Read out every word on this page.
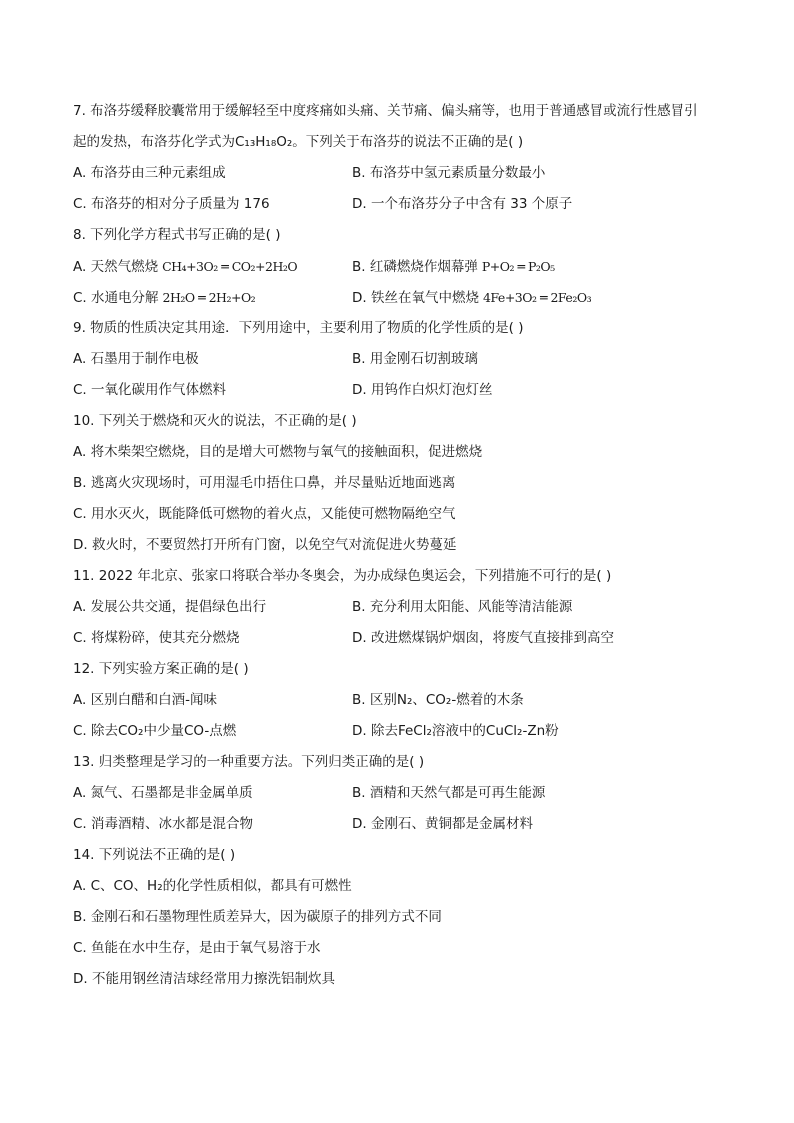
7. 布洛芬缓释胶囊常用于缓解轻至中度疼痛如头痛、关节痛、偏头痛等，也用于普通感冒或流行性感冒引
起的发热，布洛芬化学式为C₁₃H₁₈O₂。下列关于布洛芬的说法不正确的是( )
A. 布洛芬由三种元素组成	B. 布洛芬中氢元素质量分数最小
C. 布洛芬的相对分子质量为 176	D. 一个布洛芬分子中含有 33 个原子
8. 下列化学方程式书写正确的是( )
A. 天然气燃烧 CH₄+3O₂ ═ CO₂+2H₂O	B. 红磷燃烧作烟幕弹 P+O₂ ═ P₂O₅
C. 水通电分解 2H₂O ═ 2H₂+O₂	D. 铁丝在氧气中燃烧 4Fe+3O₂ ═ 2Fe₂O₃
9. 物质的性质决定其用途．下列用途中，主要利用了物质的化学性质的是( )
A. 石墨用于制作电极	B. 用金刚石切割玻璃
C. 一氧化碳用作气体燃料	D. 用钨作白炽灯泡灯丝
10. 下列关于燃烧和灭火的说法，不正确的是( )
A. 将木柴架空燃烧，目的是增大可燃物与氧气的接触面积，促进燃烧
B. 逃离火灾现场时，可用湿毛巾捂住口鼻，并尽量贴近地面逃离
C. 用水灭火，既能降低可燃物的着火点，又能使可燃物隔绝空气
D. 救火时，不要贸然打开所有门窗，以免空气对流促进火势蔓延
11. 2022 年北京、张家口将联合举办冬奥会，为办成绿色奥运会，下列措施不可行的是( )
A. 发展公共交通，提倡绿色出行	B. 充分利用太阳能、风能等清洁能源
C. 将煤粉碎，使其充分燃烧	D. 改进燃煤锅炉烟囱，将废气直接排到高空
12. 下列实验方案正确的是( )
A. 区别白醋和白酒-闻味	B. 区别N₂、CO₂-燃着的木条
C. 除去CO₂中少量CO-点燃	D. 除去FeCl₂溶液中的CuCl₂-Zn粉
13. 归类整理是学习的一种重要方法。下列归类正确的是( )
A. 氮气、石墨都是非金属单质	B. 酒精和天然气都是可再生能源
C. 消毒酒精、冰水都是混合物	D. 金刚石、黄铜都是金属材料
14. 下列说法不正确的是( )
A. C、CO、H₂的化学性质相似，都具有可燃性
B. 金刚石和石墨物理性质差异大，因为碳原子的排列方式不同
C. 鱼能在水中生存，是由于氧气易溶于水
D. 不能用钢丝清洁球经常用力擦洗铝制炊具
